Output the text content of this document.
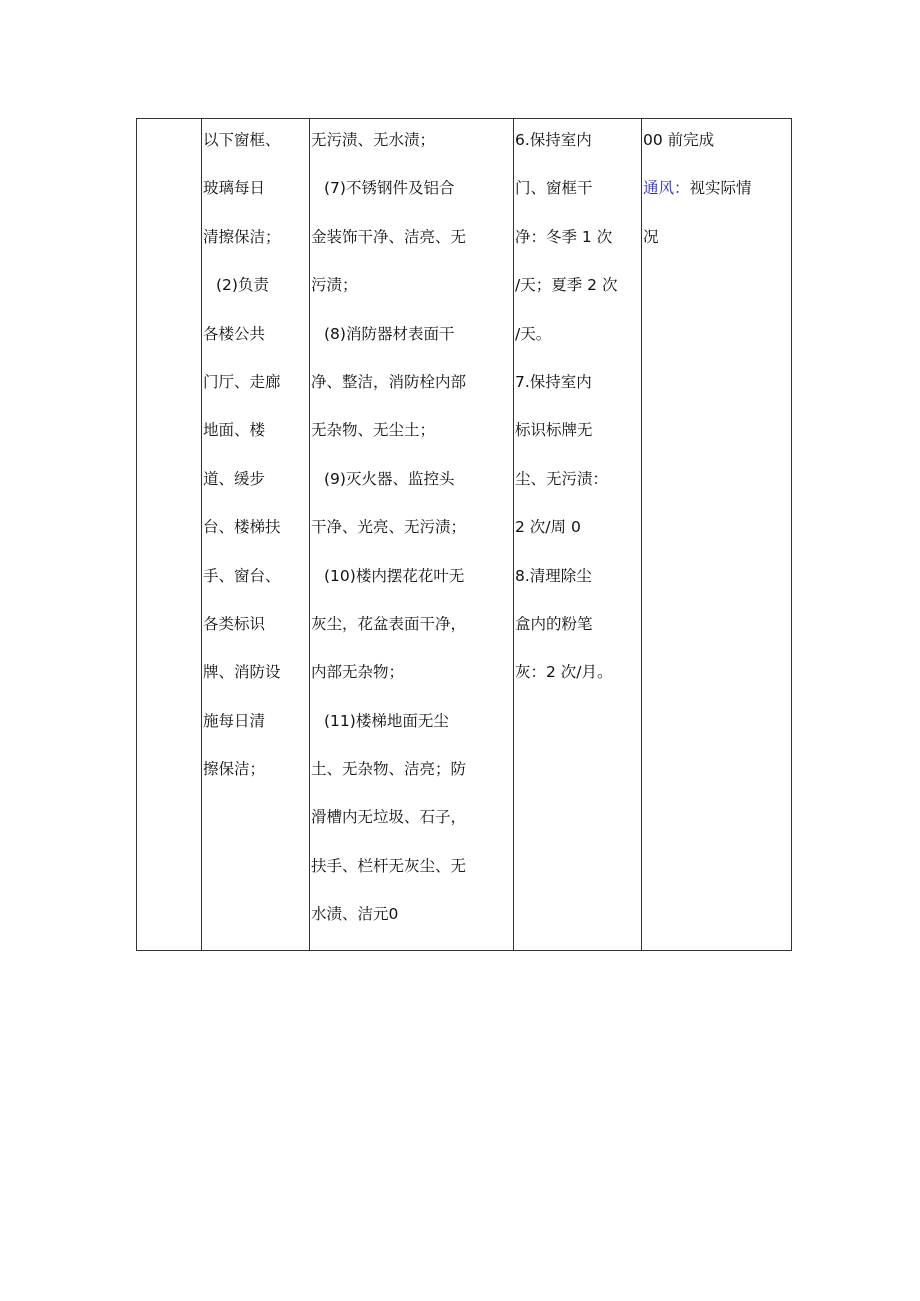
以下窗框、
玻璃每日
清擦保洁；
(2)负责
各楼公共
门厅、走廊
地面、楼
道、缓步
台、楼梯扶
手、窗台、
各类标识
牌、消防设
施每日清
擦保洁；

无污渍、无水渍；
(7)不锈钢件及铝合
金装饰干净、洁亮、无
污渍；
(8)消防器材表面干
净、整洁，消防栓内部
无杂物、无尘土；
(9)灭火器、监控头
干净、光亮、无污渍；
(10)楼内摆花花叶无
灰尘，花盆表面干净，
内部无杂物；
(11)楼梯地面无尘
土、无杂物、洁亮；防
滑槽内无垃圾、石子，
扶手、栏杆无灰尘、无
水渍、洁元0

6.保持室内
门、窗框干
净：冬季 1 次
/天；夏季 2 次
/天。
7.保持室内
标识标牌无
尘、无污渍：
2 次/周 0
8.清理除尘
盒内的粉笔
灰：2 次/月。

00 前完成
通风：视实际情
况
